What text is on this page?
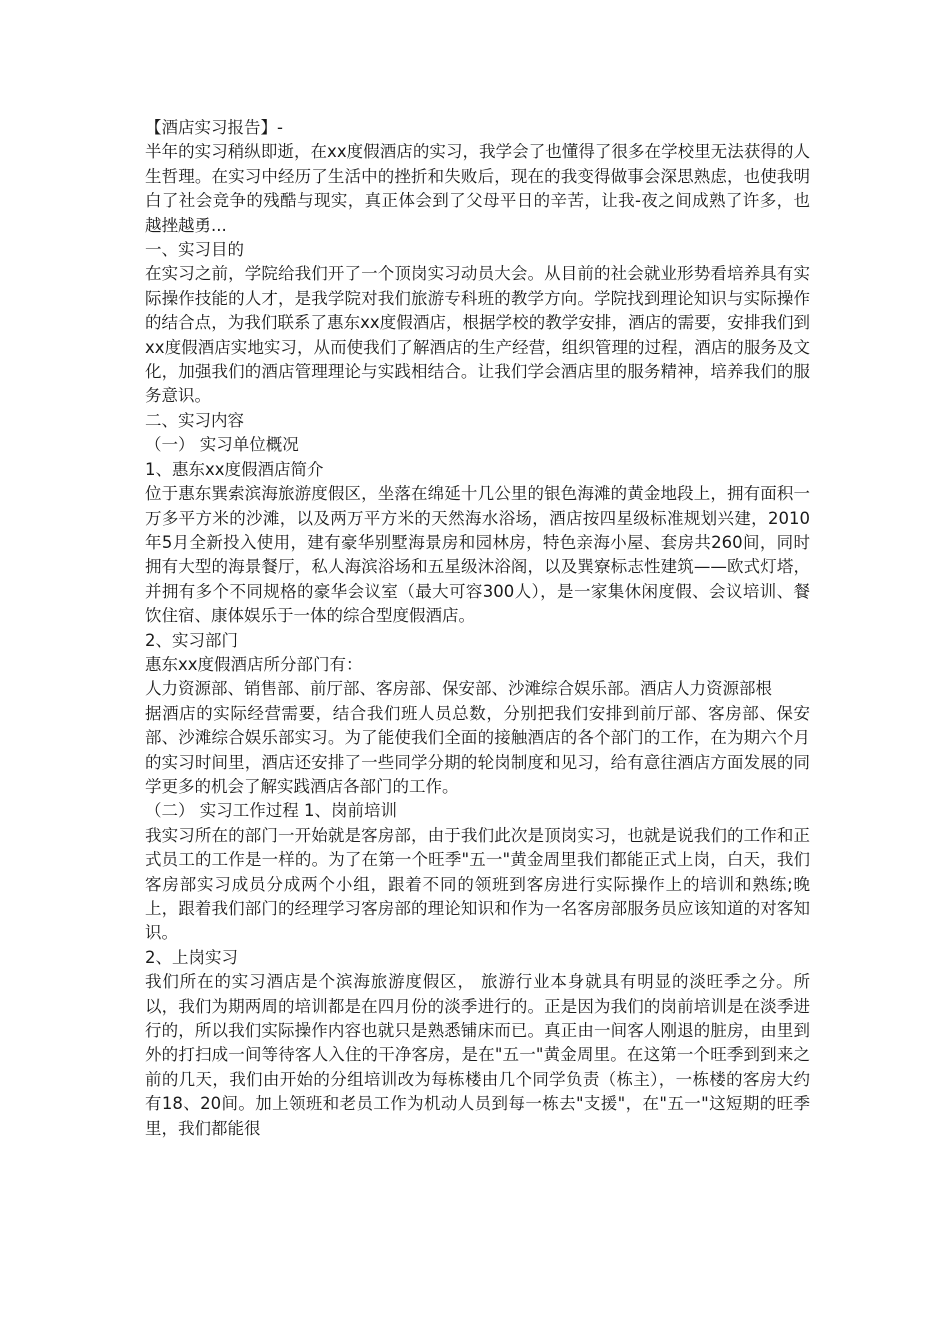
【酒店实习报告】-

半年的实习稍纵即逝，在xx度假酒店的实习，我学会了也懂得了很多在学校里无法获得的人生哲理。在实习中经历了生活中的挫折和失败后，现在的我变得做事会深思熟虑，也使我明白了社会竞争的残酷与现实，真正体会到了父母平日的辛苦，让我-夜之间成熟了许多，也越挫越勇...

一、实习目的

在实习之前，学院给我们开了一个顶岗实习动员大会。从目前的社会就业形势看培养具有实际操作技能的人才，是我学院对我们旅游专科班的教学方向。学院找到理论知识与实际操作的结合点，为我们联系了惠东xx度假酒店，根据学校的教学安排，酒店的需要，安排我们到xx度假酒店实地实习，从而使我们了解酒店的生产经营，组织管理的过程，酒店的服务及文化，加强我们的酒店管理理论与实践相结合。让我们学会酒店里的服务精神，培养我们的服务意识。

二、实习内容

（一） 实习单位概况

1、惠东xx度假酒店简介

位于惠东巽索滨海旅游度假区，坐落在绵延十几公里的银色海滩的黄金地段上，拥有面积一万多平方米的沙滩，以及两万平方米的天然海水浴场，酒店按四星级标准规划兴建，2010年5月全新投入使用，建有豪华别墅海景房和园林房，特色亲海小屋、套房共260间，同时拥有大型的海景餐厅，私人海滨浴场和五星级沐浴阁，以及巽寮标志性建筑——欧式灯塔，并拥有多个不同规格的豪华会议室（最大可容300人），是一家集休闲度假、会议培训、餐饮住宿、康体娱乐于一体的综合型度假酒店。

2、实习部门

惠东xx度假酒店所分部门有：

人力资源部、销售部、前厅部、客房部、保安部、沙滩综合娱乐部。酒店人力资源部根

据酒店的实际经营需要，结合我们班人员总数，分别把我们安排到前厅部、客房部、保安部、沙滩综合娱乐部实习。为了能使我们全面的接触酒店的各个部门的工作，在为期六个月的实习时间里，酒店还安排了一些同学分期的轮岗制度和见习，给有意往酒店方面发展的同学更多的机会了解实践酒店各部门的工作。

（二） 实习工作过程 1、岗前培训

我实习所在的部门一开始就是客房部，由于我们此次是顶岗实习，也就是说我们的工作和正式员工的工作是一样的。为了在第一个旺季"五一"黄金周里我们都能正式上岗，白天，我们客房部实习成员分成两个小组，跟着不同的领班到客房进行实际操作上的培训和熟练;晚上，跟着我们部门的经理学习客房部的理论知识和作为一名客房部服务员应该知道的对客知识。

2、上岗实习

我们所在的实习酒店是个滨海旅游度假区， 旅游行业本身就具有明显的淡旺季之分。所以，我们为期两周的培训都是在四月份的淡季进行的。正是因为我们的岗前培训是在淡季进行的，所以我们实际操作内容也就只是熟悉铺床而已。真正由一间客人刚退的脏房，由里到外的打扫成一间等待客人入住的干净客房，是在"五一"黄金周里。在这第一个旺季到到来之前的几天，我们由开始的分组培训改为每栋楼由几个同学负责（栋主），一栋楼的客房大约有18、20间。加上领班和老员工作为机动人员到每一栋去"支援"，在"五一"这短期的旺季里，我们都能很
